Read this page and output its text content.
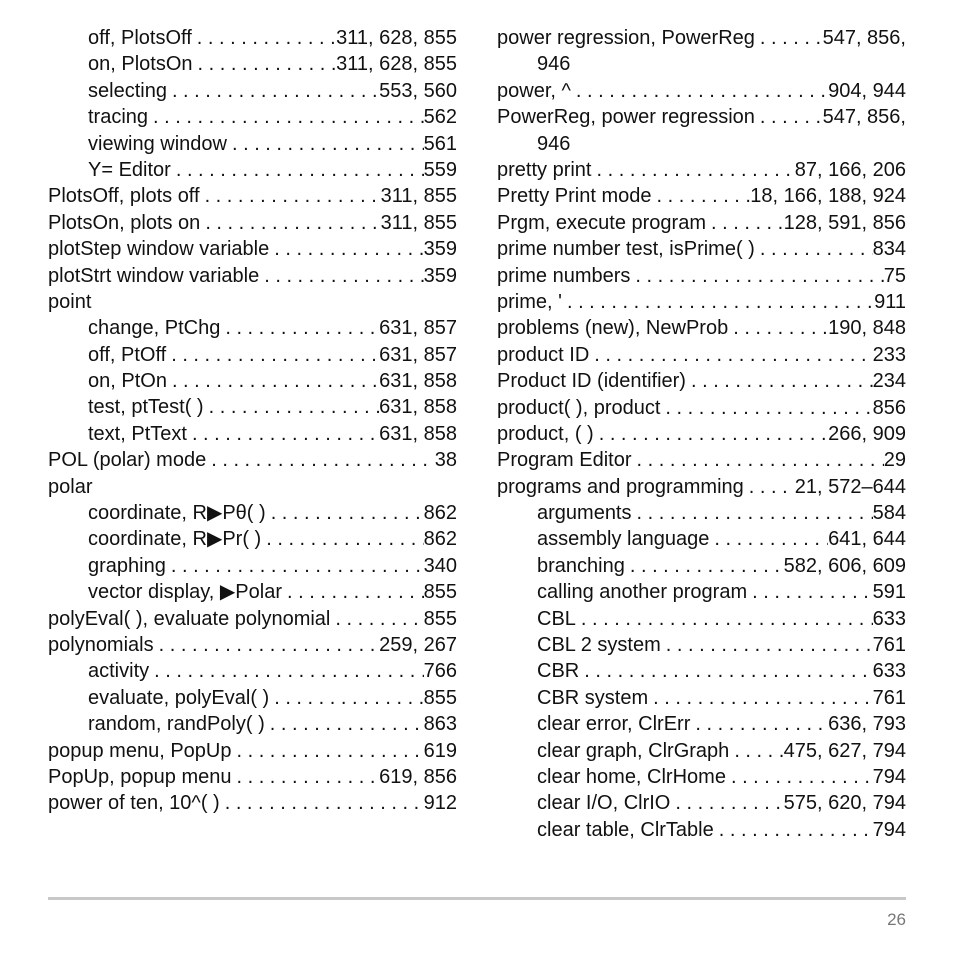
off, PlotsOff . . .	311, 628, 855
on, PlotsOn . . .	311, 628, 855
selecting . . .	553, 560
tracing . . .	562
viewing window . . .	561
Y= Editor . . .	559
PlotsOff, plots off . . .	311, 855
PlotsOn, plots on . . .	311, 855
plotStep window variable . . .	359
plotStrt window variable . . .	359
point
change, PtChg . . .	631, 857
off, PtOff . . .	631, 857
on, PtOn . . .	631, 858
test, ptTest( ) . . .	631, 858
text, PtText . . .	631, 858
POL (polar) mode . . .	38
polar
coordinate, R▶Pθ( ) . . .	862
coordinate, R▶Pr( ) . . .	862
graphing . . .	340
vector display, ▶Polar . . .	855
polyEval( ), evaluate polynomial . . .	855
polynomials . . .	259, 267
activity . . .	766
evaluate, polyEval( ) . . .	855
random, randPoly( ) . . .	863
popup menu, PopUp . . .	619
PopUp, popup menu . . .	619, 856
power of ten, 10^( ) . . .	912
power regression, PowerReg . . .	547, 856,
946
power, ^ . . .	904, 944
PowerReg, power regression . . .	547, 856,
946
pretty print . . .	87, 166, 206
Pretty Print mode . . .	18, 166, 188, 924
Prgm, execute program . . .	128, 591, 856
prime number test, isPrime( ) . . .	834
prime numbers . . .	75
prime, ' . . .	911
problems (new), NewProb . . .	190, 848
product ID . . .	233
Product ID (identifier) . . .	234
product( ), product . . .	856
product, ( ) . . .	266, 909
Program Editor . . .	29
programs and programming . . .	21, 572–644
arguments . . .	584
assembly language . . .	641, 644
branching . . .	582, 606, 609
calling another program . . .	591
CBL . . .	633
CBL 2 system . . .	761
CBR . . .	633
CBR system . . .	761
clear error, ClrErr . . .	636, 793
clear graph, ClrGraph . . .	475, 627, 794
clear home, ClrHome . . .	794
clear I/O, ClrIO . . .	575, 620, 794
clear table, ClrTable . . .	794
26
